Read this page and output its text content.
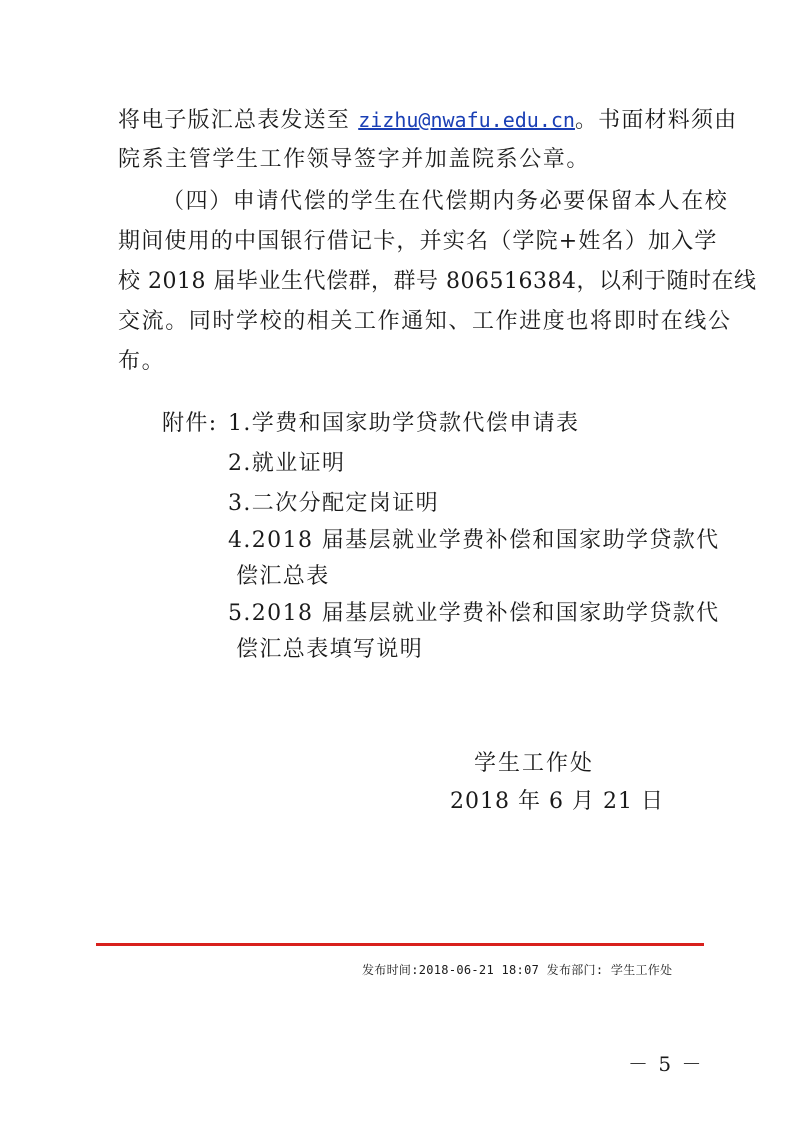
将电子版汇总表发送至 zizhu@nwafu.edu.cn。书面材料须由
院系主管学生工作领导签字并加盖院系公章。
（四）申请代偿的学生在代偿期内务必要保留本人在校
期间使用的中国银行借记卡，并实名（学院+姓名）加入学
校 2018 届毕业生代偿群，群号 806516384，以利于随时在线
交流。同时学校的相关工作通知、工作进度也将即时在线公
布。
附件: 1.学费和国家助学贷款代偿申请表
2.就业证明
3.二次分配定岗证明
4.2018 届基层就业学费补偿和国家助学贷款代
偿汇总表
5.2018 届基层就业学费补偿和国家助学贷款代
偿汇总表填写说明
学生工作处
2018 年 6 月 21 日
发布时间:2018-06-21 18:07 发布部门: 学生工作处
－ 5 －
